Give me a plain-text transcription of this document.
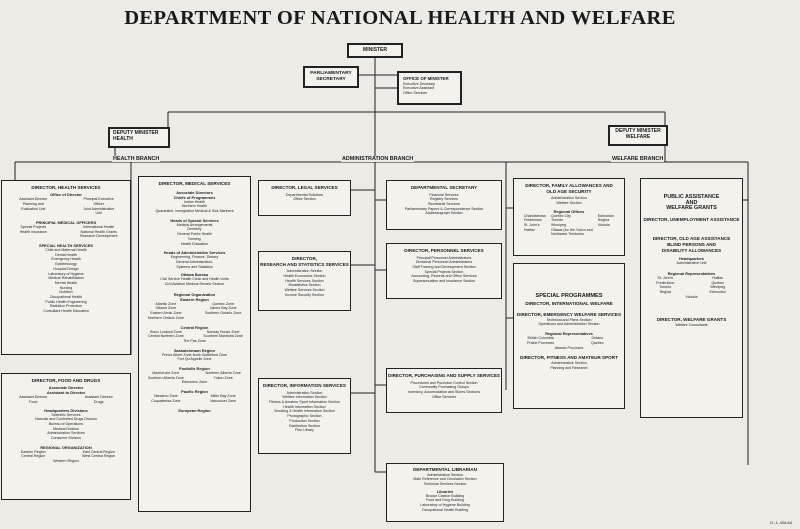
DEPARTMENT OF NATIONAL HEALTH AND WELFARE
MINISTER
PARLIAMENTARY
SECRETARY	OFFICE OF MINISTER
Executive Secretary
Executive Assistant
Office Services
DEPUTY MINISTER
HEALTH
DEPUTY MINISTER
WELFARE
HEALTH BRANCH	ADMINISTRATION BRANCH	WELFARE BRANCH
DIRECTOR, HEALTH SERVICES
Office of Director
Assistant Director	Principal Executive
Planning and	Officer
Evaluation Unit	Joint Administrative
Unit
PRINCIPAL MEDICAL OFFICERS
Special Projects	International Health
Health Insurance	National Health Grants
Research Development
SPECIAL HEALTH SERVICES
Child and Maternal Health
Dental Health
Emergency Health
Epidemiology
Hospital Design
Laboratory of Hygiene
Medical Rehabilitation
Mental Health
Nursing
Nutrition
Occupational Health
Public Health Engineering
Radiation Protection
Consultant Health Education
DIRECTOR, FOOD AND DRUGS
Associate Director
Assistant to Director
Assistant Director	Assistant Director
Food	Drugs
Headquarters Divisions
Scientific Services
Narcotic and Controlled Drugs Division
Bureau of Operations
Medical Division
Administration Services
Consumer Division
REGIONAL ORGANIZATION
Eastern Region	East Central Region
Central Region	West Central Region
Western Region
DIRECTOR, MEDICAL SERVICES
Associate Directors
Chiefs of Programmes
Indian Health
Northern Health
Quarantine, Immigration Medical & Sick Mariners
Heads of Special Services
Medical Arrangements
Dentistry
General Public Health
Nursing
Health Education
Heads of Administrative Services
Engineering, Finance, Dietary
General Administration,
Systems and Statistics
Ottawa Bureau
Civil Service Health Clinic and Health Units
Civil Aviation Medical Review Section
Regional Organization
Eastern Region
Atlantic Zone	Quebec Zone
Ottawa Zone	James Bay Zone
Eastern Arctic Zone	Southern Ontario Zone
Northern Ontario Zone
Central Region
Sioux Lookout Zone	Norway House Zone
Central Northern Zone	Southern Manitoba Zone
The Pas Zone
Saskatchewan Region
Prince Albert Zone North Battleford Zone
Fort Qu'Appelle Zone
Foothills Region
MacKenzie Zone	Northern Alberta Zone
Southern Alberta Zone	Yukon Zone
Edmonton Zone
Pacific Region
Nanaimo Zone	Miller Bay Zone
Coqualeetza Zone	Vancouver Zone
European Region
DIRECTOR, LEGAL SERVICES
Departmental Solicitors
Office Section
DIRECTOR,
RESEARCH AND STATISTICS SERVICES
Administration Section
Health Economics Section
Health Services Section
Biostatistics Section
Welfare Services Section
Income Security Section
DIRECTOR, INFORMATION SERVICES
Administration Section
Welfare Information Section
Fitness & Amateur Sport Information Section
Health Information Section
Smoking & Health Information Section
Photographic Section
Production Section
Distribution Section
Film Library
DEPARTMENTAL SECRETARY
Financial Services
Registry Services
Secretarial Services
Parliamentary Papers & Correspondence Section
Addressograph Section
DIRECTOR, PERSONNEL SERVICES
Principal Personnel Administrators
Divisional Personnel Administrators
Staff Training and Development Section
Special Projects Section
Accounting, Records and Office Services
Superannuation and Insurance Section
DIRECTOR, PURCHASING AND SUPPLY SERVICES
Procedures and Purchase Control Section
Commodity Purchasing Groups
Inventory, Accomodation and Stores Sections
Office Services
DEPARTMENTAL LIBRARIAN
Administration Section
Main Reference and Circulation Section
Technical Services Section
Libraries
Brooke Claxton Building
Food and Drug Building
Laboratory of Hygiene Building
Occupational Health Building
DIRECTOR, FAMILY ALLOWANCES AND
OLD AGE SECURITY
Administration Section
Welfare Section
Regional Offices
Charlottetown
Fredericton
St. John's
Halifax
Quebec City
Toronto
Winnipeg
Ottawa (for the Yukon and
Northwest Territories
Edmonton
Regina
Victoria
SPECIAL PROGRAMMES
DIRECTOR, INTERNATIONAL WELFARE
DIRECTOR, EMERGENCY WELFARE SERVICES
Technical and Plans Section
Operations and Administration Section
Regional Representatives
British Columbia	Ontario
Prairie Provinces	Quebec
Atlantic Provinces
DIRECTOR, FITNESS AND AMATEUR SPORT
Administrative Section
Planning and Research
PUBLIC ASSISTANCE
AND
WELFARE GRANTS
DIRECTOR, UNEMPLOYMENT ASSISTANCE
DIRECTOR, OLD AGE ASSISTANCE
BLIND PERSONS AND
DISABILITY ALLOWANCES
Headquarters
Administrative Unit
Regional Representatives
St. John's	Halifax
Fredericton	Quebec
Toronto	Winnipeg
Regina	Edmonton
Victoria
DIRECTOR, WELFARE GRANTS
Welfare Consultants
D.-1.-Wd-64
